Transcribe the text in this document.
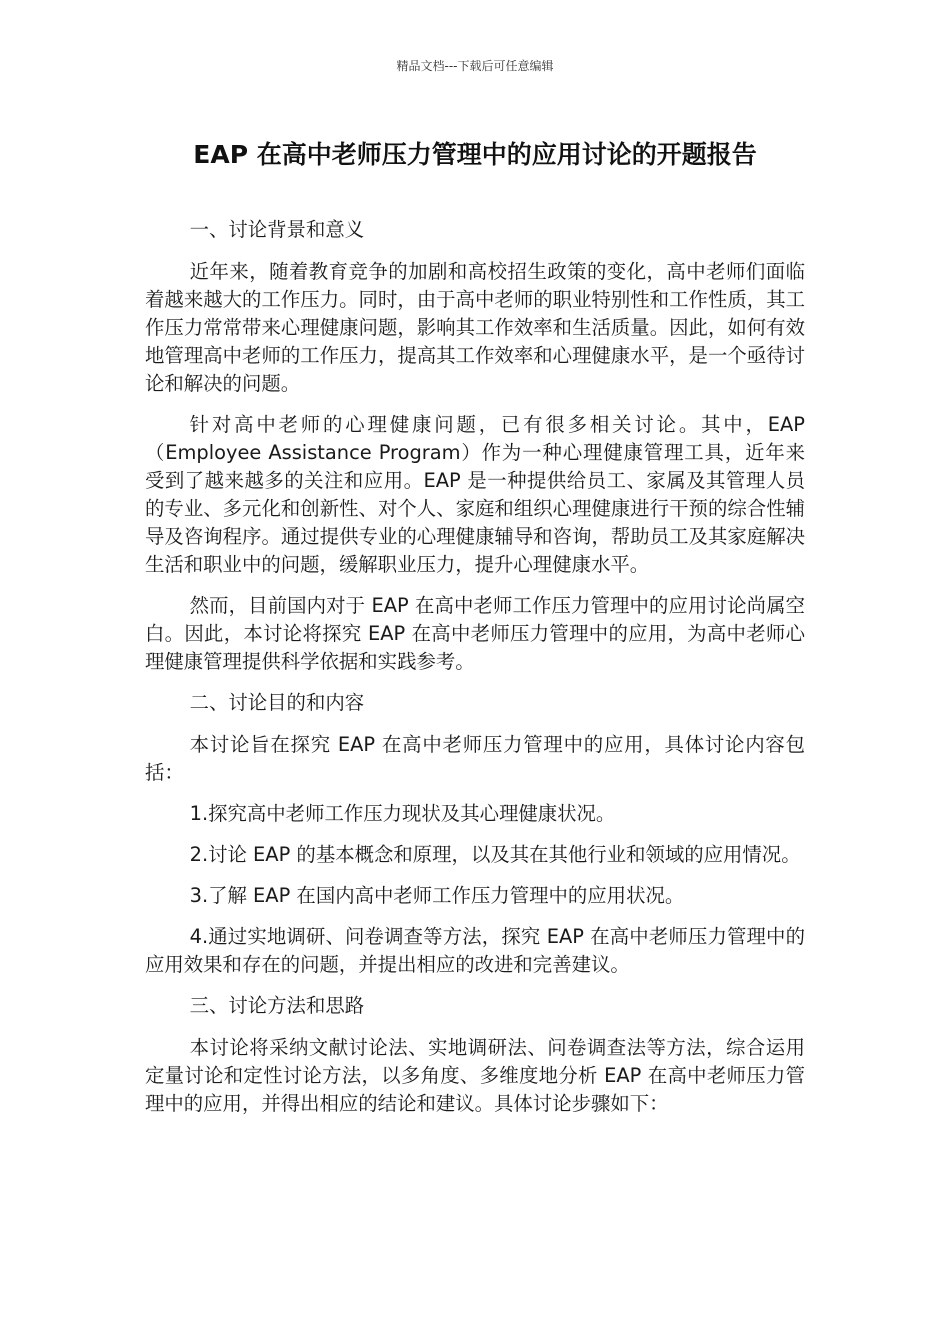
精品文档---下载后可任意编辑
EAP 在高中老师压力管理中的应用讨论的开题报告

一、讨论背景和意义

近年来，随着教育竞争的加剧和高校招生政策的变化，高中老师们面临着越来越大的工作压力。同时，由于高中老师的职业特别性和工作性质，其工作压力常常带来心理健康问题，影响其工作效率和生活质量。因此，如何有效地管理高中老师的工作压力，提高其工作效率和心理健康水平，是一个亟待讨论和解决的问题。

针对高中老师的心理健康问题，已有很多相关讨论。其中，EAP（Employee Assistance Program）作为一种心理健康管理工具，近年来受到了越来越多的关注和应用。EAP 是一种提供给员工、家属及其管理人员的专业、多元化和创新性、对个人、家庭和组织心理健康进行干预的综合性辅导及咨询程序。通过提供专业的心理健康辅导和咨询，帮助员工及其家庭解决生活和职业中的问题，缓解职业压力，提升心理健康水平。

然而，目前国内对于 EAP 在高中老师工作压力管理中的应用讨论尚属空白。因此，本讨论将探究 EAP 在高中老师压力管理中的应用，为高中老师心理健康管理提供科学依据和实践参考。

二、讨论目的和内容

本讨论旨在探究 EAP 在高中老师压力管理中的应用，具体讨论内容包括：

1.探究高中老师工作压力现状及其心理健康状况。

2.讨论 EAP 的基本概念和原理，以及其在其他行业和领域的应用情况。

3.了解 EAP 在国内高中老师工作压力管理中的应用状况。

4.通过实地调研、问卷调查等方法，探究 EAP 在高中老师压力管理中的应用效果和存在的问题，并提出相应的改进和完善建议。

三、讨论方法和思路

本讨论将采纳文献讨论法、实地调研法、问卷调查法等方法，综合运用定量讨论和定性讨论方法，以多角度、多维度地分析 EAP 在高中老师压力管理中的应用，并得出相应的结论和建议。具体讨论步骤如下：
